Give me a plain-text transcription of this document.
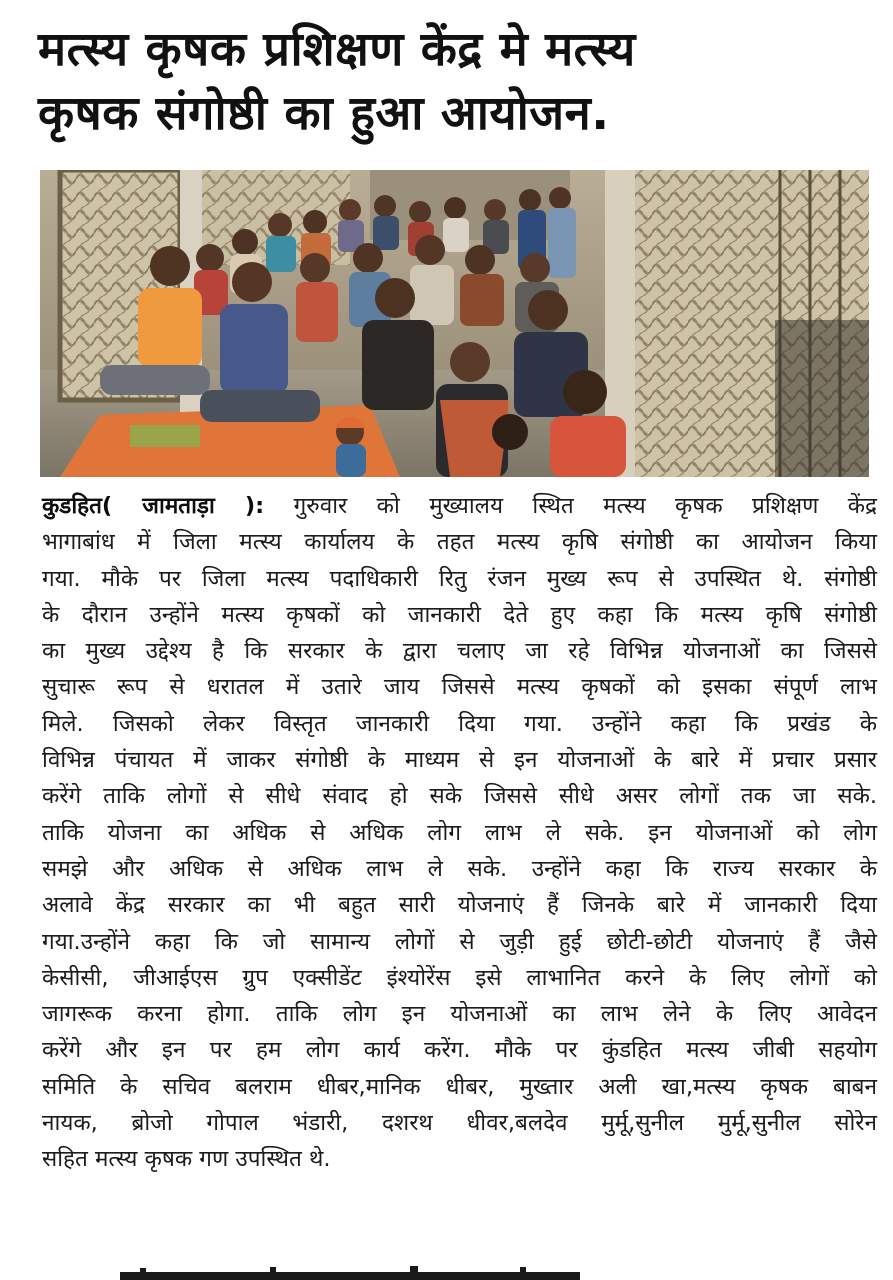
मत्स्य कृषक प्रशिक्षण केंद्र मे मत्स्य
कृषक संगोष्ठी का हुआ आयोजन.
कुडहित( जामताड़ा ): गुरुवार को मुख्यालय स्थित मत्स्य कृषक प्रशिक्षण केंद्र
भागाबांध में जिला मत्स्य कार्यालय के तहत मत्स्य कृषि संगोष्ठी का आयोजन किया
गया. मौके पर जिला मत्स्य पदाधिकारी रितु रंजन मुख्य रूप से उपस्थित थे. संगोष्ठी
के दौरान उन्होंने मत्स्य कृषकों को जानकारी देते हुए कहा कि मत्स्य कृषि संगोष्ठी
का मुख्य उद्देश्य है कि सरकार के द्वारा चलाए जा रहे विभिन्न योजनाओं का जिससे
सुचारू रूप से धरातल में उतारे जाय जिससे मत्स्य कृषकों को इसका संपूर्ण लाभ
मिले. जिसको लेकर विस्तृत जानकारी दिया गया. उन्होंने कहा कि प्रखंड के
विभिन्न पंचायत में जाकर संगोष्ठी के माध्यम से इन योजनाओं के बारे में प्रचार प्रसार
करेंगे ताकि लोगों से सीधे संवाद हो सके जिससे सीधे असर लोगों तक जा सके.
ताकि योजना का अधिक से अधिक लोग लाभ ले सके. इन योजनाओं को लोग
समझे और अधिक से अधिक लाभ ले सके. उन्होंने कहा कि राज्य सरकार के
अलावे केंद्र सरकार का भी बहुत सारी योजनाएं हैं जिनके बारे में जानकारी दिया
गया.उन्होंने कहा कि जो सामान्य लोगों से जुड़ी हुई छोटी-छोटी योजनाएं हैं जैसे
केसीसी, जीआईएस ग्रुप एक्सीडेंट इंश्योरेंस इसे लाभानित करने के लिए लोगों को
जागरूक करना होगा. ताकि लोग इन योजनाओं का लाभ लेने के लिए आवेदन
करेंगे और इन पर हम लोग कार्य करेंग. मौके पर कुंडहित मत्स्य जीबी सहयोग
समिति के सचिव बलराम धीबर,मानिक धीबर, मुख्तार अली खा,मत्स्य कृषक बाबन
नायक, ब्रोजो गोपाल भंडारी, दशरथ धीवर,बलदेव मुर्मू,सुनील मुर्मू,सुनील सोरेन
सहित मत्स्य कृषक गण उपस्थित थे.
